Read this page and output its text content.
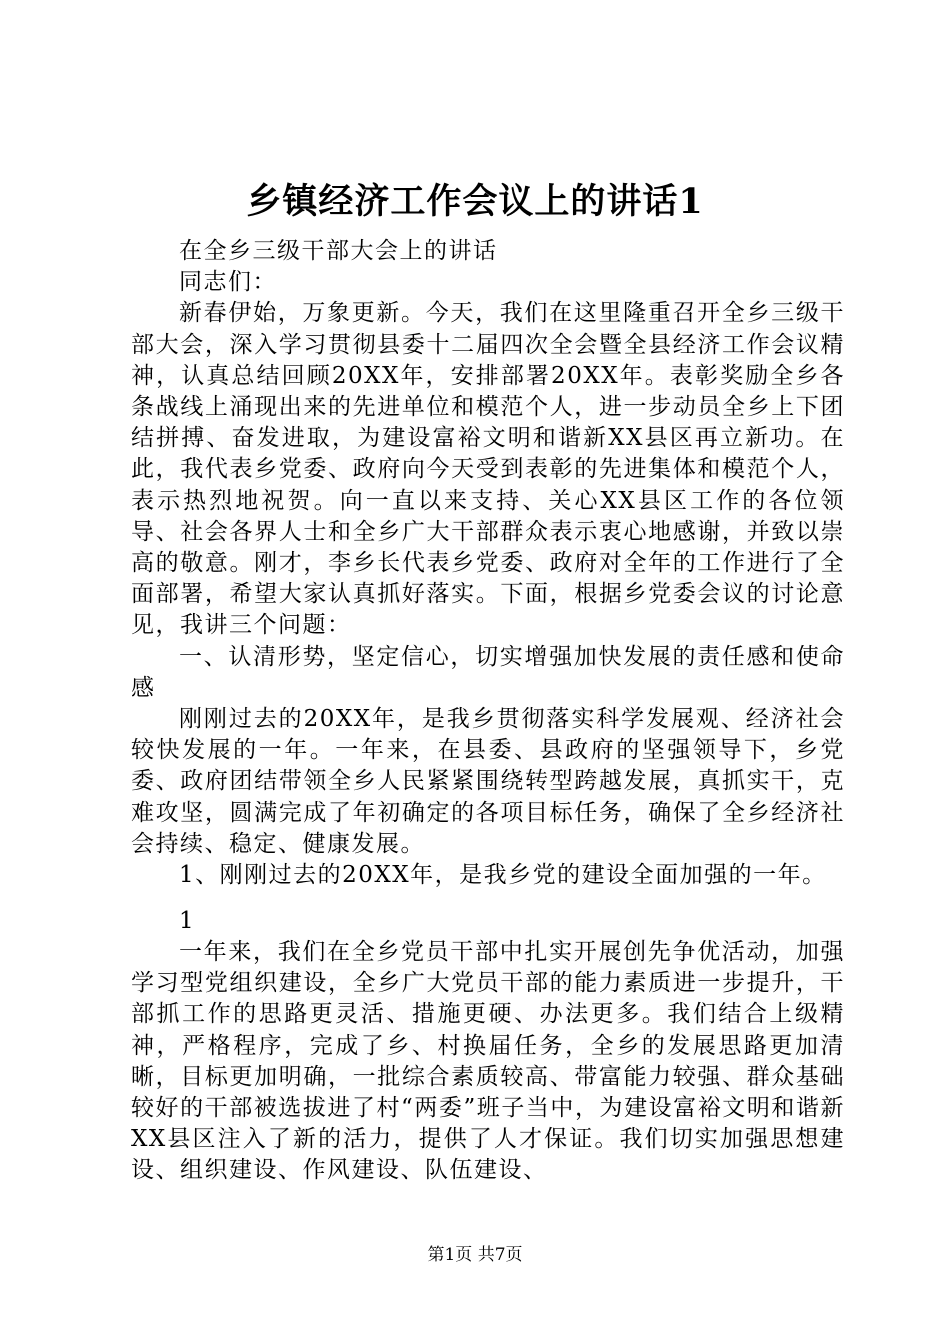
乡镇经济工作会议上的讲话1

在全乡三级干部大会上的讲话

同志们：

新春伊始，万象更新。今天，我们在这里隆重召开全乡三级干部大会，深入学习贯彻县委十二届四次全会暨全县经济工作会议精神，认真总结回顾20XX年，安排部署20XX年。表彰奖励全乡各条战线上涌现出来的先进单位和模范个人，进一步动员全乡上下团结拼搏、奋发进取，为建设富裕文明和谐新XX县区再立新功。在此，我代表乡党委、政府向今天受到表彰的先进集体和模范个人，表示热烈地祝贺。向一直以来支持、关心XX县区工作的各位领导、社会各界人士和全乡广大干部群众表示衷心地感谢，并致以崇高的敬意。刚才，李乡长代表乡党委、政府对全年的工作进行了全面部署，希望大家认真抓好落实。下面，根据乡党委会议的讨论意见，我讲三个问题：

一、认清形势，坚定信心，切实增强加快发展的责任感和使命感

刚刚过去的20XX年，是我乡贯彻落实科学发展观、经济社会较快发展的一年。一年来，在县委、县政府的坚强领导下，乡党委、政府团结带领全乡人民紧紧围绕转型跨越发展，真抓实干，克难攻坚，圆满完成了年初确定的各项目标任务，确保了全乡经济社会持续、稳定、健康发展。

1、刚刚过去的20XX年，是我乡党的建设全面加强的一年。

1

一年来，我们在全乡党员干部中扎实开展创先争优活动，加强学习型党组织建设，全乡广大党员干部的能力素质进一步提升，干部抓工作的思路更灵活、措施更硬、办法更多。我们结合上级精神，严格程序，完成了乡、村换届任务，全乡的发展思路更加清晰，目标更加明确，一批综合素质较高、带富能力较强、群众基础较好的干部被选拔进了村“两委”班子当中，为建设富裕文明和谐新XX县区注入了新的活力，提供了人才保证。我们切实加强思想建设、组织建设、作风建设、队伍建设、

第1页 共7页
